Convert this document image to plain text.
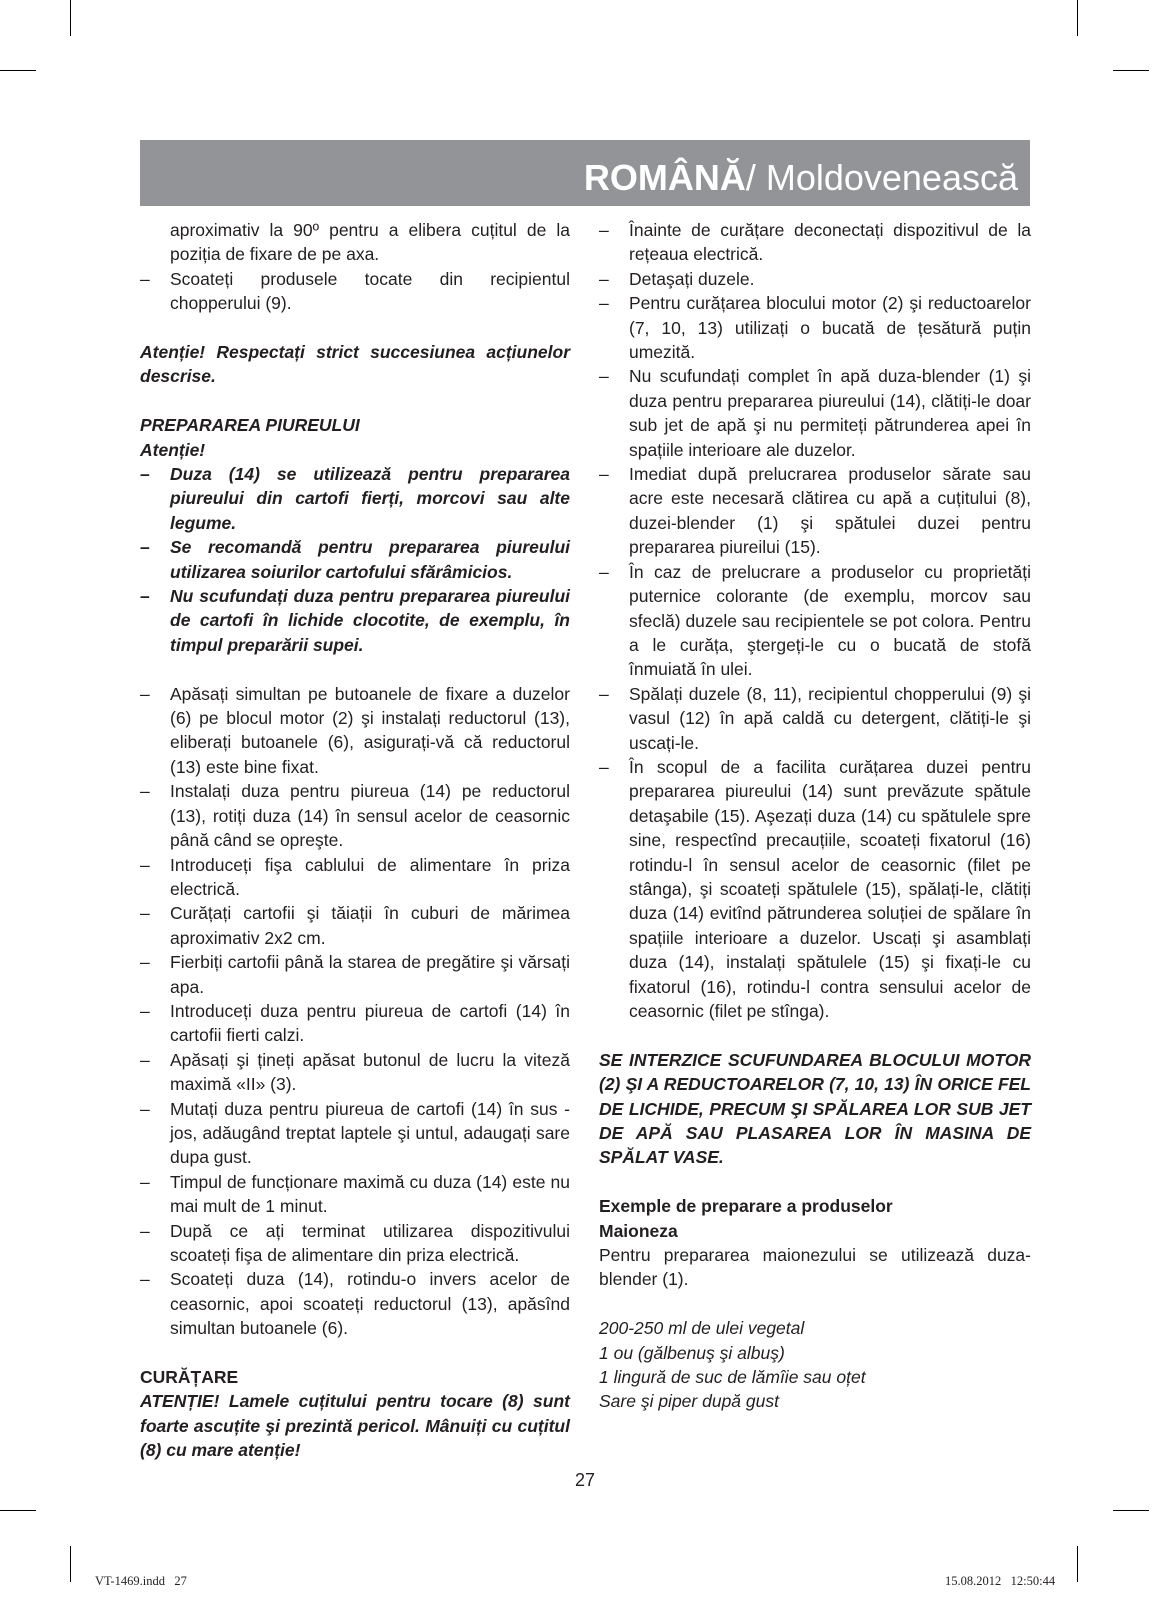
ROMÂNĂ/ Moldovenească
aproximativ la 90º pentru a elibera cuțitul de la poziția de fixare de pe axa.
– Scoateți produsele tocate din recipientul chopperului (9).

Atenție! Respectați strict succesiunea acțiunelor descrise.

PREPARAREA PIUREULUI

Atenție!

– Duza (14) se utilizează pentru prepararea piureului din cartofi fierți, morcovi sau alte legume.
– Se recomandă pentru prepararea piureului utilizarea soiurilor cartofului sfărâmicios.
– Nu scufundați duza pentru prepararea piureului de cartofi în lichide clocotite, de exemplu, în timpul preparării supei.

– Apăsați simultan pe butoanele de fixare a duzelor (6) pe blocul motor (2) şi instalați reductorul (13), eliberați butoanele (6), asigurați-vă că reductorul (13) este bine fixat.
– Instalați duza pentru piureua (14) pe reductorul (13), rotiți duza (14) în sensul acelor de ceasornic până când se opreşte.
– Introduceți fişa cablului de alimentare în priza electrică.
– Curățați cartofii şi tăiații în cuburi de mărimea aproximativ 2x2 cm.
– Fierbiți cartofii până la starea de pregătire şi vărsați apa.
– Introduceți duza pentru piureua de cartofi (14) în cartofii fierti calzi.
– Apăsați şi țineți apăsat butonul de lucru la viteză maximă «II» (3).
– Mutați duza pentru piureua de cartofi (14) în sus - jos, adăugând treptat laptele şi untul, adaugați sare dupa gust.
– Timpul de funcționare maximă cu duza (14) este nu mai mult de 1 minut.
– După ce ați terminat utilizarea dispozitivului scoateți fişa de alimentare din priza electrică.
– Scoateți duza (14), rotindu-o invers acelor de ceasornic, apoi scoateți reductorul (13), apăsînd simultan butoanele (6).

CURĂȚARE

ATENȚIE! Lamele cuțitului pentru tocare (8) sunt foarte ascuțite şi prezintă pericol. Mânuiți cu cuțitul (8) cu mare atenție!

– Înainte de curățare deconectați dispozitivul de la rețeaua electrică.
– Detaşați duzele.
– Pentru curățarea blocului motor (2) şi reductoarelor (7, 10, 13) utilizați o bucată de țesătură puțin umezită.
– Nu scufundați complet în apă duza-blender (1) şi duza pentru prepararea piureului (14), clătiți-le doar sub jet de apă şi nu permiteți pătrunderea apei în spațiile interioare ale duzelor.
– Imediat după prelucrarea produselor sărate sau acre este necesară clătirea cu apă a cuțitului (8), duzei-blender (1) şi spătulei duzei pentru prepararea piureilui (15).
– În caz de prelucrare a produselor cu proprietăți puternice colorante (de exemplu, morcov sau sfeclă) duzele sau recipientele se pot colora. Pentru a le curăța, ştergeți-le cu o bucată de stofă înmuiată în ulei.
– Spălați duzele (8, 11), recipientul chopperului (9) şi vasul (12) în apă caldă cu detergent, clătiți-le şi uscați-le.
– În scopul de a facilita curățarea duzei pentru prepararea piureului (14) sunt prevăzute spătule detaşabile (15). Aşezați duza (14) cu spătulele spre sine, respectînd precauțiile, scoateți fixatorul (16) rotindu-l în sensul acelor de ceasornic (filet pe stânga), şi scoateți spătulele (15), spălați-le, clătiți duza (14) evitînd pătrunderea soluției de spălare în spațiile interioare a duzelor. Uscați şi asamblați duza (14), instalați spătulele (15) şi fixați-le cu fixatorul (16), rotindu-l contra sensului acelor de ceasornic (filet pe stînga).

SE INTERZICE SCUFUNDAREA BLOCULUI MOTOR (2) ŞI A REDUCTOARELOR (7, 10, 13) ÎN ORICE FEL DE LICHIDE, PRECUM ŞI SPĂLAREA LOR SUB JET DE APĂ SAU PLASAREA LOR ÎN MASINA DE SPĂLAT VASE.

Exemple de preparare a produselor

Maioneza

Pentru prepararea maionezului se utilizează duza-blender (1).

200-250 ml de ulei vegetal

1 ou (gălbenuş şi albuş)

1 lingură de suc de lămîie sau oțet

Sare şi piper după gust

27
VT-1469.indd   27	15.08.2012   12:50:44
